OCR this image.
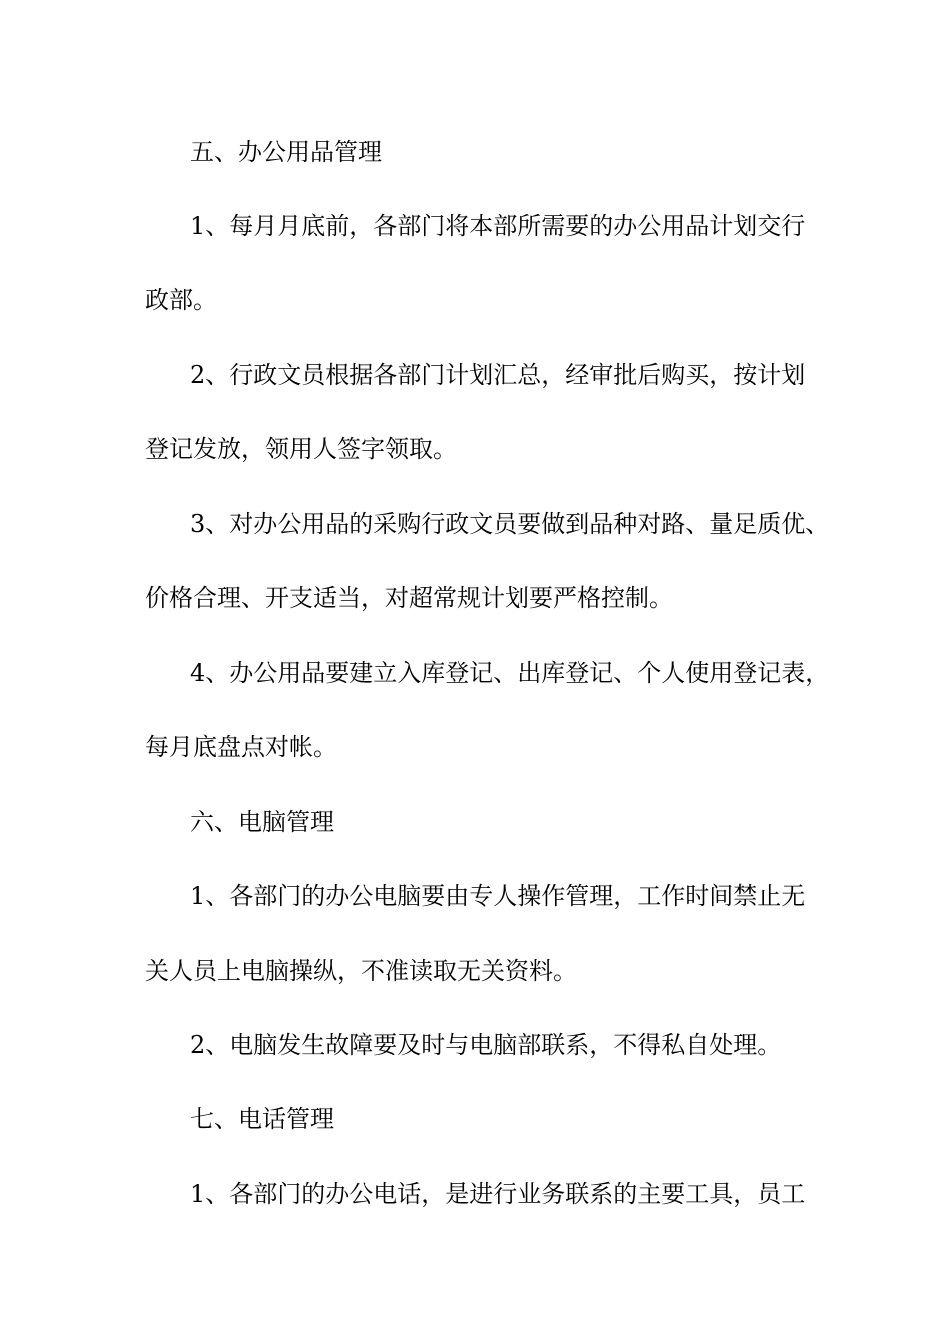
五、办公用品管理
1、每月月底前，各部门将本部所需要的办公用品计划交行
政部。
2、行政文员根据各部门计划汇总，经审批后购买，按计划
登记发放，领用人签字领取。
3、对办公用品的采购行政文员要做到品种对路、量足质优、
价格合理、开支适当，对超常规计划要严格控制。
4、办公用品要建立入库登记、出库登记、个人使用登记表，
每月底盘点对帐。
六、电脑管理
1、各部门的办公电脑要由专人操作管理，工作时间禁止无
关人员上电脑操纵，不准读取无关资料。
2、电脑发生故障要及时与电脑部联系，不得私自处理。
七、电话管理
1、各部门的办公电话，是进行业务联系的主要工具，员工
